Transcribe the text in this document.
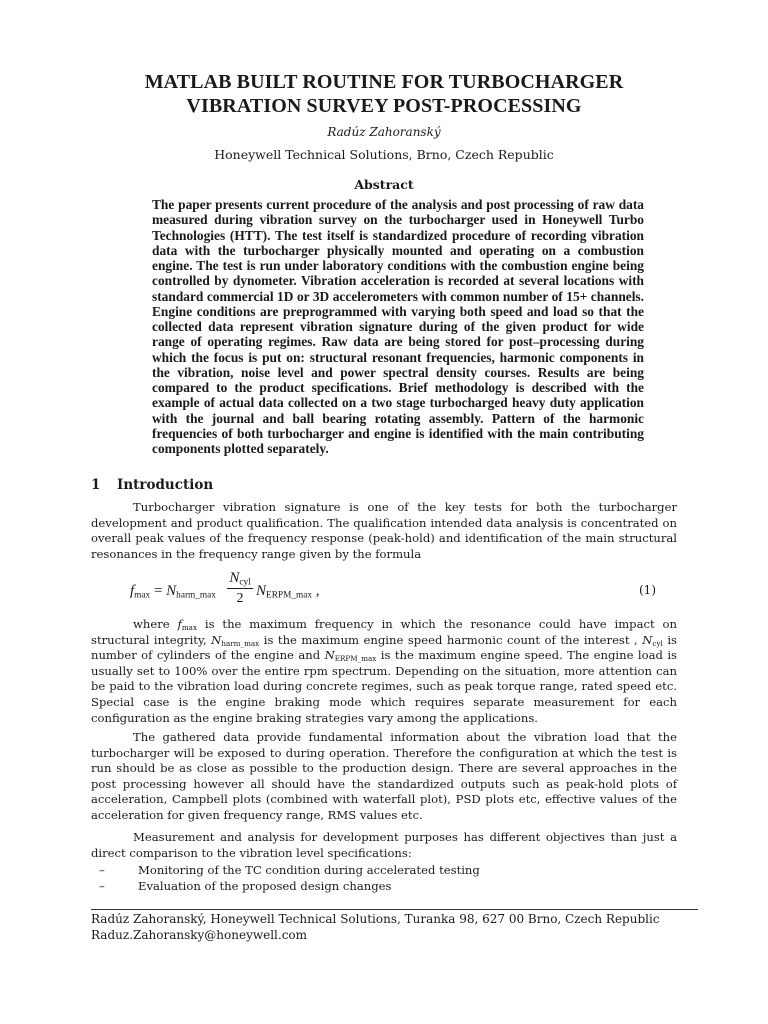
MATLAB BUILT ROUTINE FOR TURBOCHARGER
VIBRATION SURVEY POST-PROCESSING
Radúz Zahoranský
Honeywell Technical Solutions, Brno, Czech Republic
Abstract

The paper presents current procedure of the analysis and post processing of raw data measured during vibration survey on the turbocharger used in Honeywell Turbo Technologies (HTT). The test itself is standardized procedure of recording vibration data with the turbocharger physically mounted and operating on a combustion engine. The test is run under laboratory conditions with the combustion engine being controlled by dynometer. Vibration acceleration is recorded at several locations with standard commercial 1D or 3D accelerometers with common number of 15+ channels. Engine conditions are preprogrammed with varying both speed and load so that the collected data represent vibration signature during of the given product for wide range of operating regimes. Raw data are being stored for post–processing during which the focus is put on: structural resonant frequencies, harmonic components in the vibration, noise level and power spectral density courses. Results are being compared to the product specifications. Brief methodology is described with the example of actual data collected on a two stage turbocharged heavy duty application with the journal and ball bearing rotating assembly. Pattern of the harmonic frequencies of both turbocharger and engine is identified with the main contributing components plotted separately.

1 Introduction

Turbocharger vibration signature is one of the key tests for both the turbocharger development and product qualification. The qualification intended data analysis is concentrated on overall peak values of the frequency response (peak-hold) and identification of the main structural resonances in the frequency range given by the formula

$f_{max} = N_{harm\_max}$
$N_{cyl}$
2 $N_{ERPM\_max}$ ,	(1)

where $f_{max}$ is the maximum frequency in which the resonance could have impact on structural integrity, $N_{harm\_max}$ is the maximum engine speed harmonic count of the interest , $N_{cyl}$ is number of cylinders of the engine and $N_{ERPM\_max}$ is the maximum engine speed. The engine load is usually set to 100% over the entire rpm spectrum. Depending on the situation, more attention can be paid to the vibration load during concrete regimes, such as peak torque range, rated speed etc. Special case is the engine braking mode which requires separate measurement for each configuration as the engine braking strategies vary among the applications.

The gathered data provide fundamental information about the vibration load that the turbocharger will be exposed to during operation. Therefore the configuration at which the test is run should be as close as possible to the production design. There are several approaches in the post processing however all should have the standardized outputs such as peak-hold plots of acceleration, Campbell plots (combined with waterfall plot), PSD plots etc, effective values of the acceleration for given frequency range, RMS values etc.

Measurement and analysis for development purposes has different objectives than just a direct comparison to the vibration level specifications:

–	Monitoring of the TC condition during accelerated testing
–	Evaluation of the proposed design changes
Radúz Zahoranský, Honeywell Technical Solutions, Turanka 98, 627 00 Brno, Czech Republic
Raduz.Zahoransky@honeywell.com
